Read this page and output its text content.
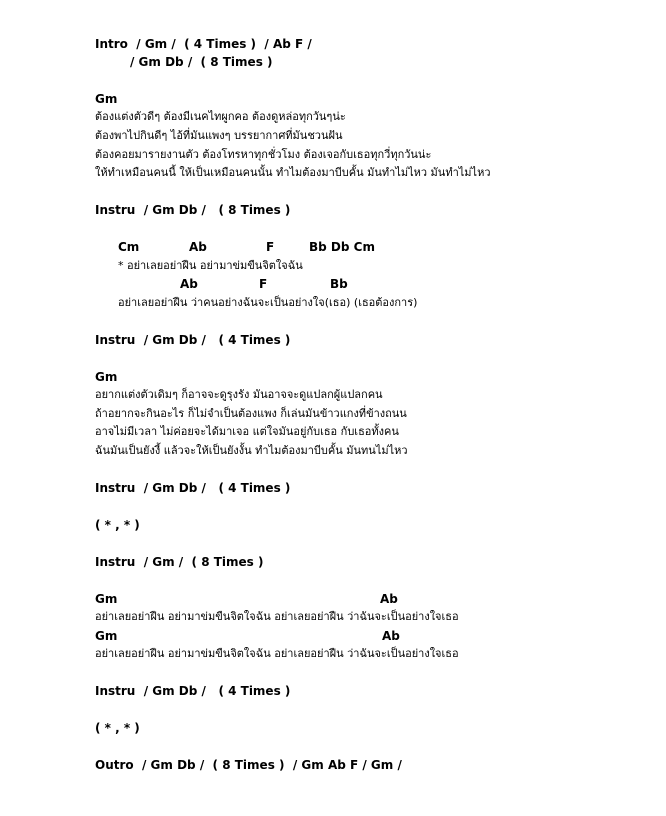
Intro  / Gm /  ( 4 Times )  / Ab F /
/ Gm Db /  ( 8 Times )
Gm
ต้องแต่งตัวดีๆ ต้องมีเนคไทผูกคอ ต้องดูหล่อทุกวันๆน่ะ
ต้องพาไปกินดีๆ ไอ้ที่มันแพงๆ บรรยากาศที่มันชวนฝัน
ต้องคอยมารายงานตัว ต้องโทรหาทุกชั่วโมง ต้องเจอกับเธอทุกวี่ทุกวันน่ะ
ให้ทำเหมือนคนนี้ ให้เป็นเหมือนคนนั้น ทำไมต้องมาบีบคั้น มันทำไม่ไหว มันทำไม่ไหว
Instru  / Gm Db /   ( 8 Times )
Cm	Ab	F	Bb Db Cm
* อย่าเลยอย่าฝืน อย่ามาข่มขืนจิตใจฉัน
Ab	F	Bb
อย่าเลยอย่าฝืน ว่าคนอย่างฉันจะเป็นอย่างใจ(เธอ) (เธอต้องการ)
Instru  / Gm Db /   ( 4 Times )
Gm
อยากแต่งตัวเดิมๆ ก็อาจจะดูรุงรัง มันอาจจะดูแปลกผู้แปลกคน
ถ้าอยากจะกินอะไร ก็ไม่จำเป็นต้องแพง ก็เล่นมันข้าวแกงที่ข้างถนน
อาจไม่มีเวลา ไม่ค่อยจะได้มาเจอ แต่ใจมันอยู่กับเธอ กับเธอทั้งคน
ฉันมันเป็นยังงี้ แล้วจะให้เป็นยังงั้น ทำไมต้องมาบีบคั้น มันทนไม่ไหว
Instru  / Gm Db /   ( 4 Times )
( * , * )
Instru  / Gm /  ( 8 Times )
Gm	Ab
อย่าเลยอย่าฝืน อย่ามาข่มขืนจิตใจฉัน อย่าเลยอย่าฝืน ว่าฉันจะเป็นอย่างใจเธอ
Gm	Ab
อย่าเลยอย่าฝืน อย่ามาข่มขืนจิตใจฉัน อย่าเลยอย่าฝืน ว่าฉันจะเป็นอย่างใจเธอ
Instru  / Gm Db /   ( 4 Times )
( * , * )
Outro  / Gm Db /  ( 8 Times )  / Gm Ab F / Gm /
